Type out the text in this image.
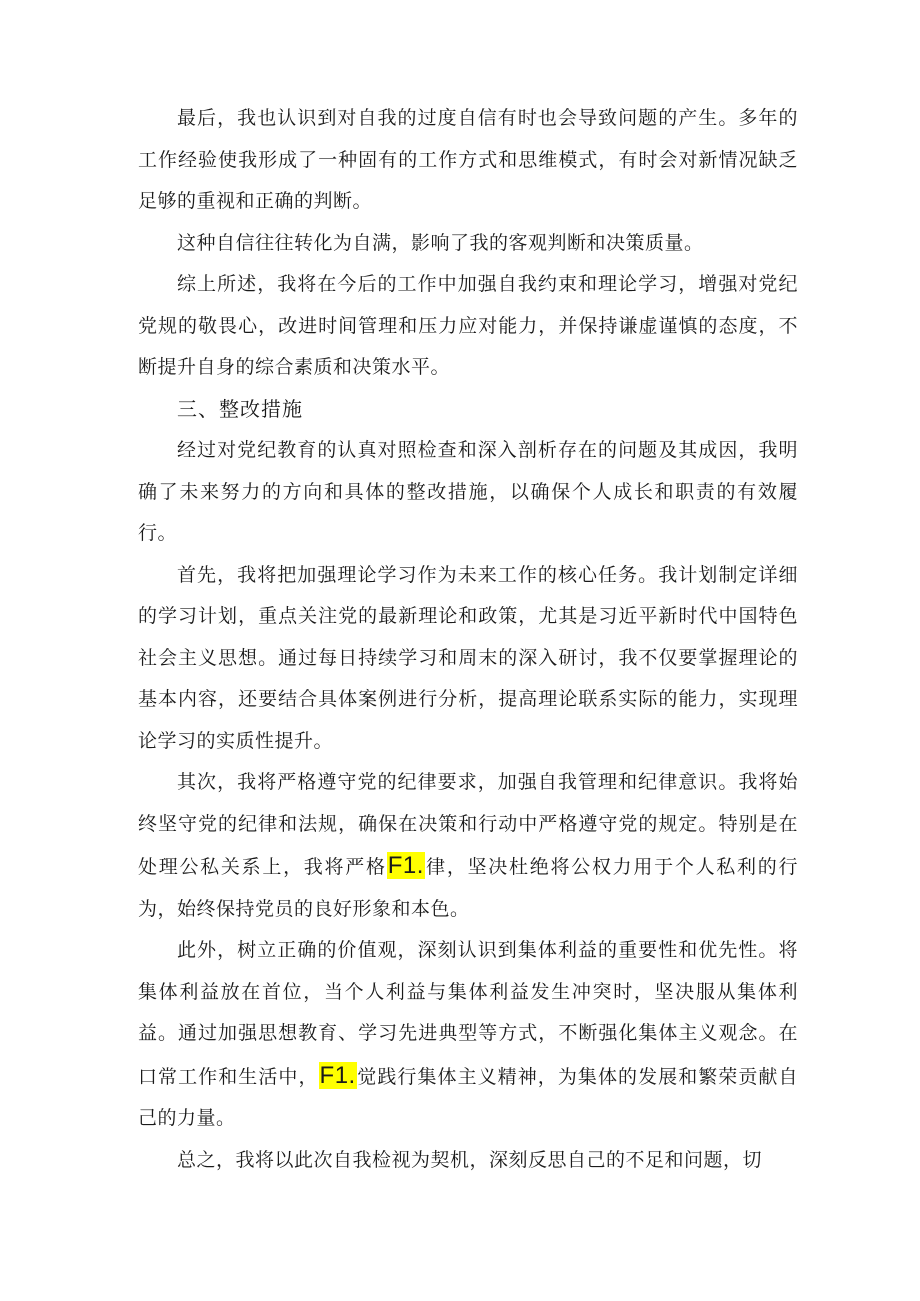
最后，我也认识到对自我的过度自信有时也会导致问题的产生。多年的工作经验使我形成了一种固有的工作方式和思维模式，有时会对新情况缺乏足够的重视和正确的判断。

这种自信往往转化为自满，影响了我的客观判断和决策质量。

综上所述，我将在今后的工作中加强自我约束和理论学习，增强对党纪党规的敬畏心，改进时间管理和压力应对能力，并保持谦虚谨慎的态度，不断提升自身的综合素质和决策水平。

三、整改措施

经过对党纪教育的认真对照检查和深入剖析存在的问题及其成因，我明确了未来努力的方向和具体的整改措施，以确保个人成长和职责的有效履行。

首先，我将把加强理论学习作为未来工作的核心任务。我计划制定详细的学习计划，重点关注党的最新理论和政策，尤其是习近平新时代中国特色社会主义思想。通过每日持续学习和周末的深入研讨，我不仅要掌握理论的基本内容，还要结合具体案例进行分析，提高理论联系实际的能力，实现理论学习的实质性提升。

其次，我将严格遵守党的纪律要求，加强自我管理和纪律意识。我将始终坚守党的纪律和法规，确保在决策和行动中严格遵守党的规定。特别是在处理公私关系上，我将严格F1.律，坚决杜绝将公权力用于个人私利的行为，始终保持党员的良好形象和本色。

此外，树立正确的价值观，深刻认识到集体利益的重要性和优先性。将集体利益放在首位，当个人利益与集体利益发生冲突时，坚决服从集体利益。通过加强思想教育、学习先进典型等方式，不断强化集体主义观念。在口常工作和生活中，F1.觉践行集体主义精神，为集体的发展和繁荣贡献自己的力量。

总之，我将以此次自我检视为契机，深刻反思自己的不足和问题，切
